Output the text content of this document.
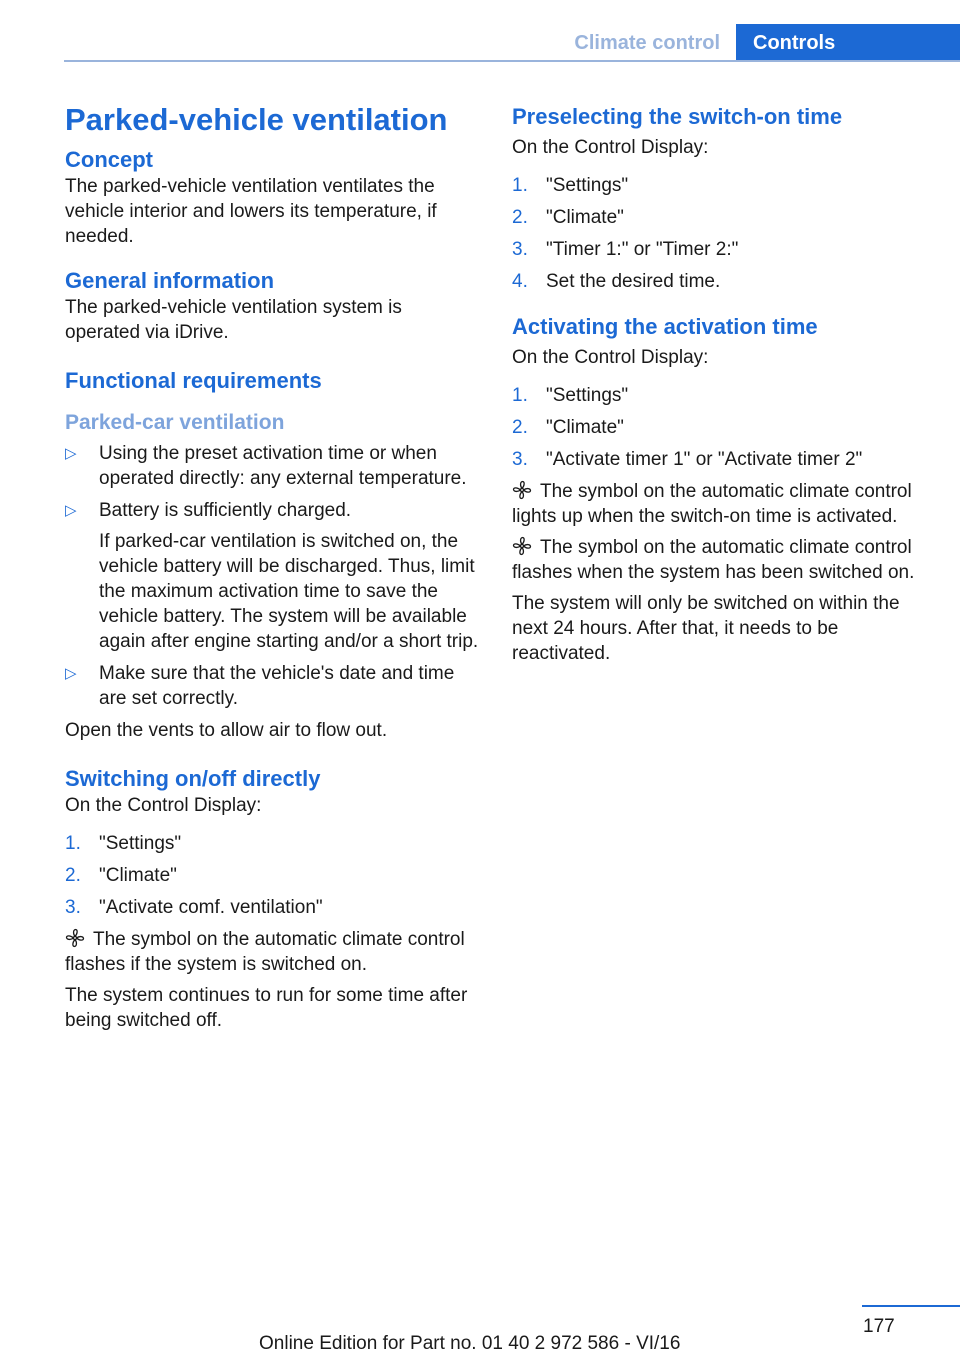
Climate control	Controls
Parked-vehicle ventilation
Concept

The parked-vehicle ventilation ventilates the vehicle interior and lowers its temperature, if needed.

General information

The parked-vehicle ventilation system is operated via iDrive.

Functional requirements
Parked-car ventilation
▷ Using the preset activation time or when operated directly: any external temperature.
▷ Battery is sufficiently charged.
If parked-car ventilation is switched on, the vehicle battery will be discharged. Thus, limit the maximum activation time to save the vehicle battery. The system will be available again after engine starting and/or a short trip.
▷ Make sure that the vehicle's date and time are set correctly.

Open the vents to allow air to flow out.

Switching on/off directly

On the Control Display:

1. "Settings"
2. "Climate"
3. "Activate comf. ventilation"

The symbol on the automatic climate control flashes if the system is switched on.

The system continues to run for some time after being switched off.

Preselecting the switch-on time

On the Control Display:

1. "Settings"
2. "Climate"
3. "Timer 1:" or "Timer 2:"
4. Set the desired time.
Activating the activation time

On the Control Display:

1. "Settings"
2. "Climate"
3. "Activate timer 1" or "Activate timer 2"

The symbol on the automatic climate control lights up when the switch-on time is activated.

The symbol on the automatic climate control flashes when the system has been switched on.

The system will only be switched on within the next 24 hours. After that, it needs to be reactivated.

177
Online Edition for Part no. 01 40 2 972 586 - VI/16
